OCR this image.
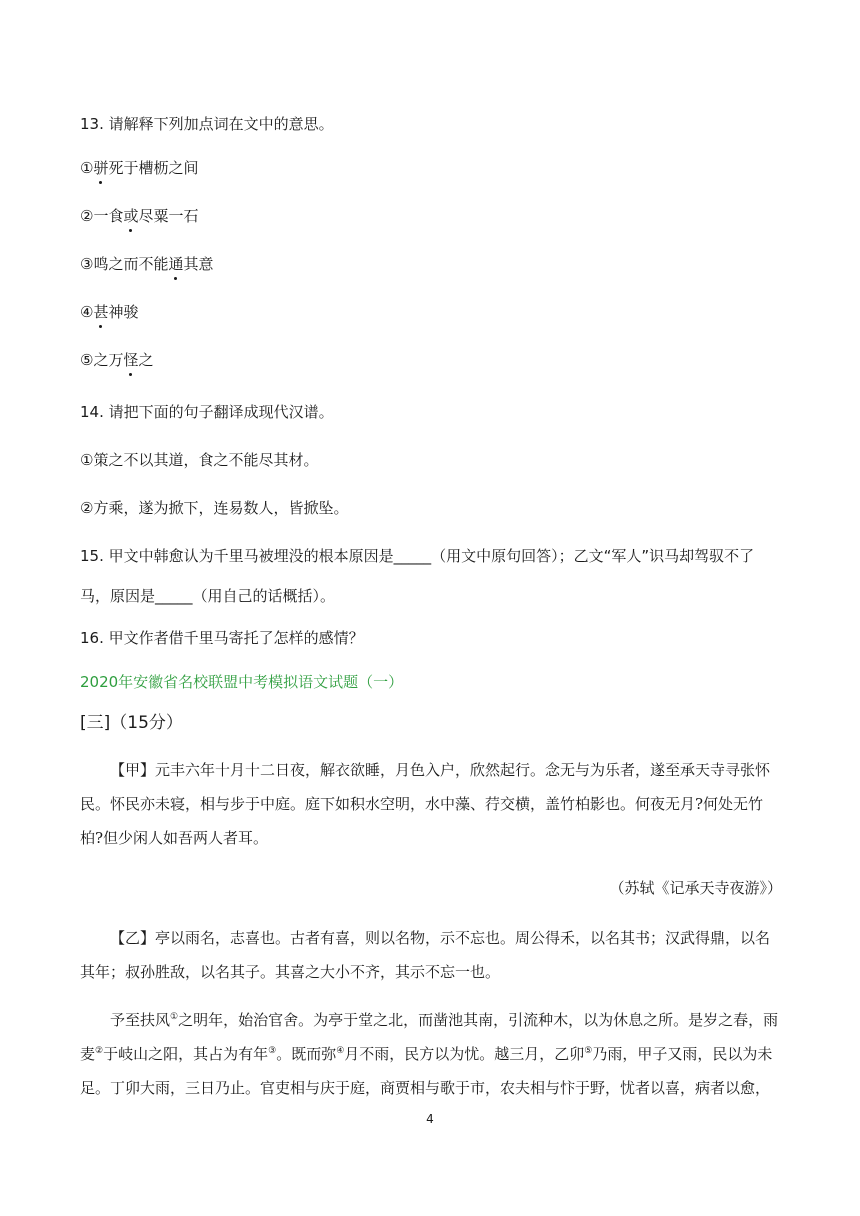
13. 请解释下列加点词在文中的意思。
①骈死于槽枥之间
②一食或尽粟一石
③鸣之而不能通其意
④甚神骏
⑤之万怪之
14. 请把下面的句子翻译成现代汉谱。
①策之不以其道，食之不能尽其材。
②方乘，遂为掀下，连易数人，皆掀坠。
15. 甲文中韩愈认为千里马被埋没的根本原因是_____（用文中原句回答）；乙文“军人”识马却驾驭不了马，原因是_____（用自己的话概括）。
16. 甲文作者借千里马寄托了怎样的感情？
2020年安徽省名校联盟中考模拟语文试题（一）
[三]（15分）
【甲】元丰六年十月十二日夜，解衣欲睡，月色入户，欣然起行。念无与为乐者，遂至承天寺寻张怀民。怀民亦未寝，相与步于中庭。庭下如积水空明，水中藻、荇交横，盖竹柏影也。何夜无月?何处无竹柏?但少闲人如吾两人者耳。
（苏轼《记承天寺夜游》）
【乙】亭以雨名，志喜也。古者有喜，则以名物，示不忘也。周公得禾，以名其书；汉武得鼎，以名其年；叔孙胜敌，以名其子。其喜之大小不齐，其示不忘一也。
予至扶风①之明年，始治官舍。为亭于堂之北，而凿池其南，引流种木，以为休息之所。是岁之春，雨麦②于岐山之阳，其占为有年③。既而弥④月不雨，民方以为忧。越三月，乙卯⑤乃雨，甲子又雨，民以为未足。丁卯大雨，三日乃止。官吏相与庆于庭，商贾相与歌于市，农夫相与忭于野，忧者以喜，病者以愈，
4
